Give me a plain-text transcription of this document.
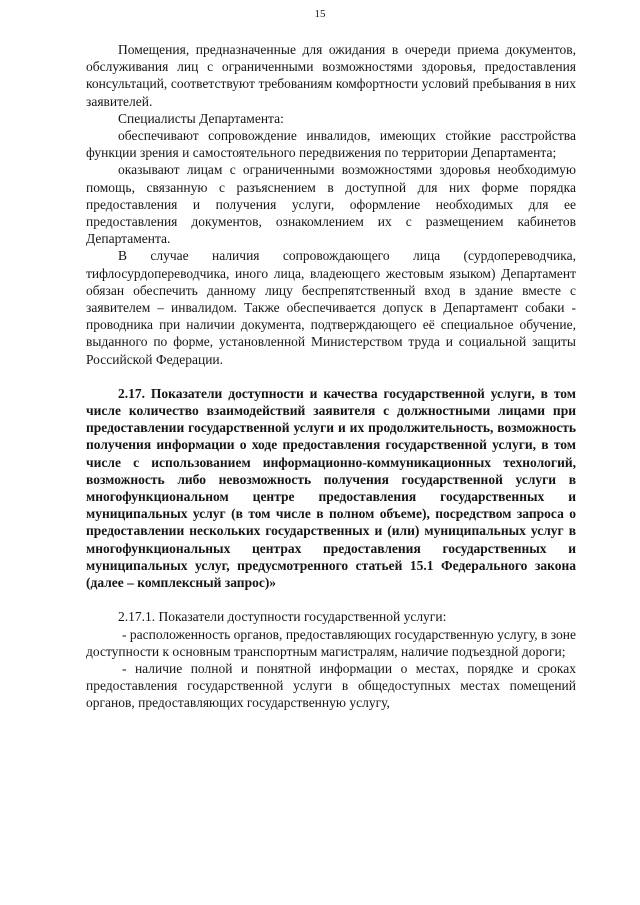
15

Помещения, предназначенные для ожидания в очереди приема документов, обслуживания лиц с ограниченными возможностями здоровья, предоставления консультаций, соответствуют требованиям комфортности условий пребывания в них заявителей.

Специалисты Департамента:

обеспечивают сопровождение инвалидов, имеющих стойкие расстройства функции зрения и самостоятельного передвижения по территории Департамента;

оказывают лицам с ограниченными возможностями здоровья необходимую помощь, связанную с разъяснением в доступной для них форме порядка предоставления и получения услуги, оформление необходимых для ее предоставления документов, ознакомлением их с размещением кабинетов Департамента.

В случае наличия сопровождающего лица (сурдопереводчика, тифлосурдопереводчика, иного лица, владеющего жестовым языком) Департамент обязан обеспечить данному лицу беспрепятственный вход в здание вместе с заявителем – инвалидом. Также обеспечивается допуск в Департамент собаки - проводника при наличии документа, подтверждающего её специальное обучение, выданного по форме, установленной Министерством труда и социальной защиты Российской Федерации.

2.17. Показатели доступности и качества государственной услуги, в том числе количество взаимодействий заявителя с должностными лицами при предоставлении государственной услуги и их продолжительность, возможность получения информации о ходе предоставления государственной услуги, в том числе с использованием информационно-коммуникационных технологий, возможность либо невозможность получения государственной услуги в многофункциональном центре предоставления государственных и муниципальных услуг (в том числе в полном объеме), посредством запроса о предоставлении нескольких государственных и (или) муниципальных услуг в многофункциональных центрах предоставления государственных и муниципальных услуг, предусмотренного статьей 15.1 Федерального закона (далее – комплексный запрос)»

2.17.1. Показатели доступности государственной услуги:

- расположенность органов, предоставляющих государственную услугу, в зоне доступности к основным транспортным магистралям, наличие подъездной дороги;

- наличие полной и понятной информации о местах, порядке и сроках предоставления государственной услуги в общедоступных местах помещений органов, предоставляющих государственную услугу,
